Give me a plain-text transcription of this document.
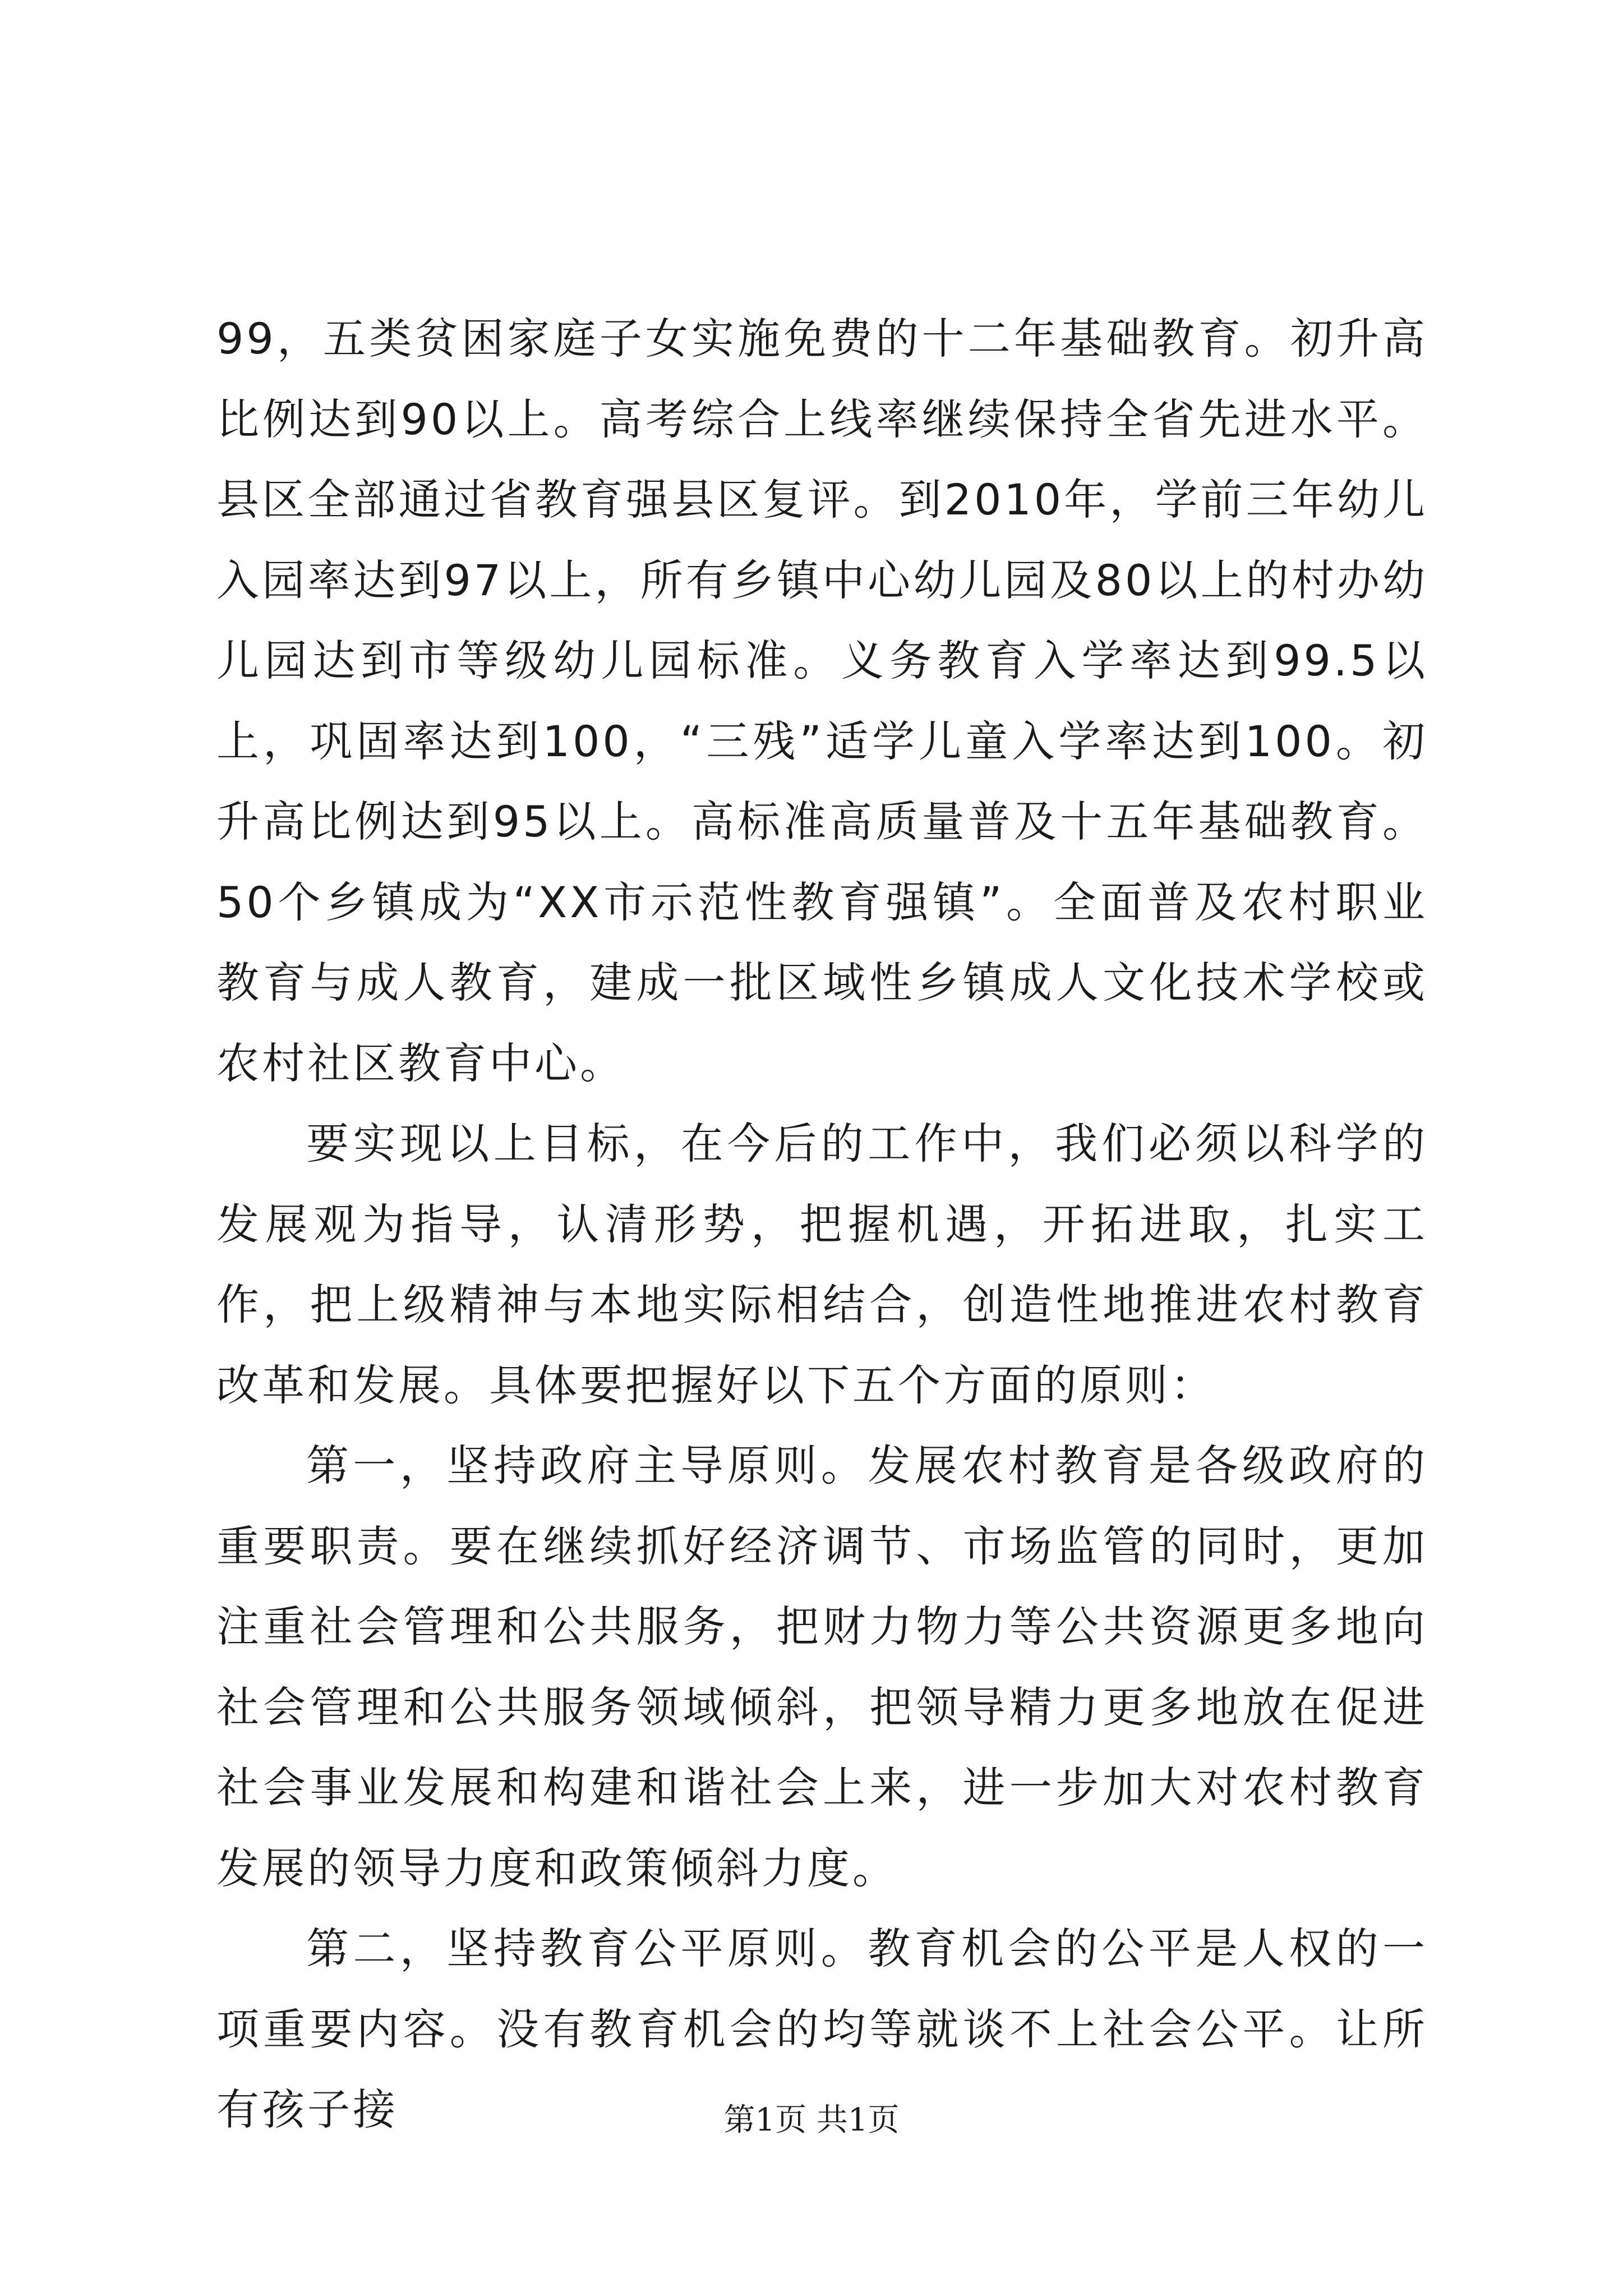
99，五类贫困家庭子女实施免费的十二年基础教育。初升高比例达到90以上。高考综合上线率继续保持全省先进水平。县区全部通过省教育强县区复评。到2010年，学前三年幼儿入园率达到97以上，所有乡镇中心幼儿园及80以上的村办幼儿园达到市等级幼儿园标准。义务教育入学率达到99.5以上，巩固率达到100，“三残”适学儿童入学率达到100。初升高比例达到95以上。高标准高质量普及十五年基础教育。50个乡镇成为“XX市示范性教育强镇”。全面普及农村职业教育与成人教育，建成一批区域性乡镇成人文化技术学校或农村社区教育中心。

要实现以上目标，在今后的工作中，我们必须以科学的发展观为指导，认清形势，把握机遇，开拓进取，扎实工作，把上级精神与本地实际相结合，创造性地推进农村教育改革和发展。具体要把握好以下五个方面的原则：

第一，坚持政府主导原则。发展农村教育是各级政府的重要职责。要在继续抓好经济调节、市场监管的同时，更加注重社会管理和公共服务，把财力物力等公共资源更多地向社会管理和公共服务领域倾斜，把领导精力更多地放在促进社会事业发展和构建和谐社会上来，进一步加大对农村教育发展的领导力度和政策倾斜力度。

第二，坚持教育公平原则。教育机会的公平是人权的一项重要内容。没有教育机会的均等就谈不上社会公平。让所有孩子接	第1页 共1页
